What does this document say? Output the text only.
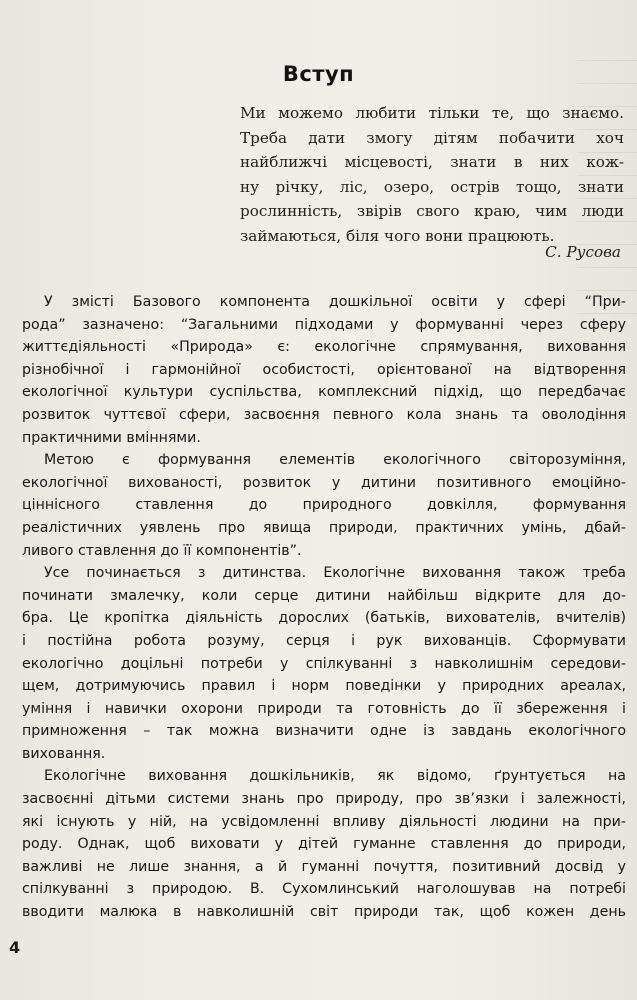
Вступ
Ми можемо любити тільки те, що знаємо.
Треба дати змогу дітям побачити хоч
найближчі місцевості, знати в них кож-
ну річку, ліс, озеро, острів тощо, знати
рослинність, звірів свого краю, чим люди
займаються, біля чого вони працюють.
С. Русова
У змісті Базового компонента дошкільної освіти у сфері “При-
рода” зазначено: “Загальними підходами у формуванні через сферу
життєдіяльності «Природа» є: екологічне спрямування, виховання
різнобічної і гармонійної особистості, орієнтованої на відтворення
екологічної культури суспільства, комплексний підхід, що передбачає
розвиток чуттєвої сфери, засвоєння певного кола знань та оволодіння
практичними вміннями.
Метою є формування елементів екологічного світорозуміння,
екологічної вихованості, розвиток у дитини позитивного емоційно-
ціннісного ставлення до природного довкілля, формування
реалістичних уявлень про явища природи, практичних умінь, дбай-
ливого ставлення до її компонентів”.
Усе починається з дитинства. Екологічне виховання також треба
починати змалечку, коли серце дитини найбільш відкрите для до-
бра. Це кропітка діяльність дорослих (батьків, вихователів, вчителів)
і постійна робота розуму, серця і рук вихованців. Сформувати
екологічно доцільні потреби у спілкуванні з навколишнім середови-
щем, дотримуючись правил і норм поведінки у природних ареалах,
уміння і навички охорони природи та готовність до її збереження і
примноження – так можна визначити одне із завдань екологічного
виховання.
Екологічне виховання дошкільників, як відомо, ґрунтується на
засвоєнні дітьми системи знань про природу, про зв’язки і залежності,
які існують у ній, на усвідомленні впливу діяльності людини на при-
роду. Однак, щоб виховати у дітей гуманне ставлення до природи,
важливі не лише знання, а й гуманні почуття, позитивний досвід у
спілкуванні з природою. В. Сухомлинський наголошував на потребі
вводити малюка в навколишній світ природи так, щоб кожен день
4
